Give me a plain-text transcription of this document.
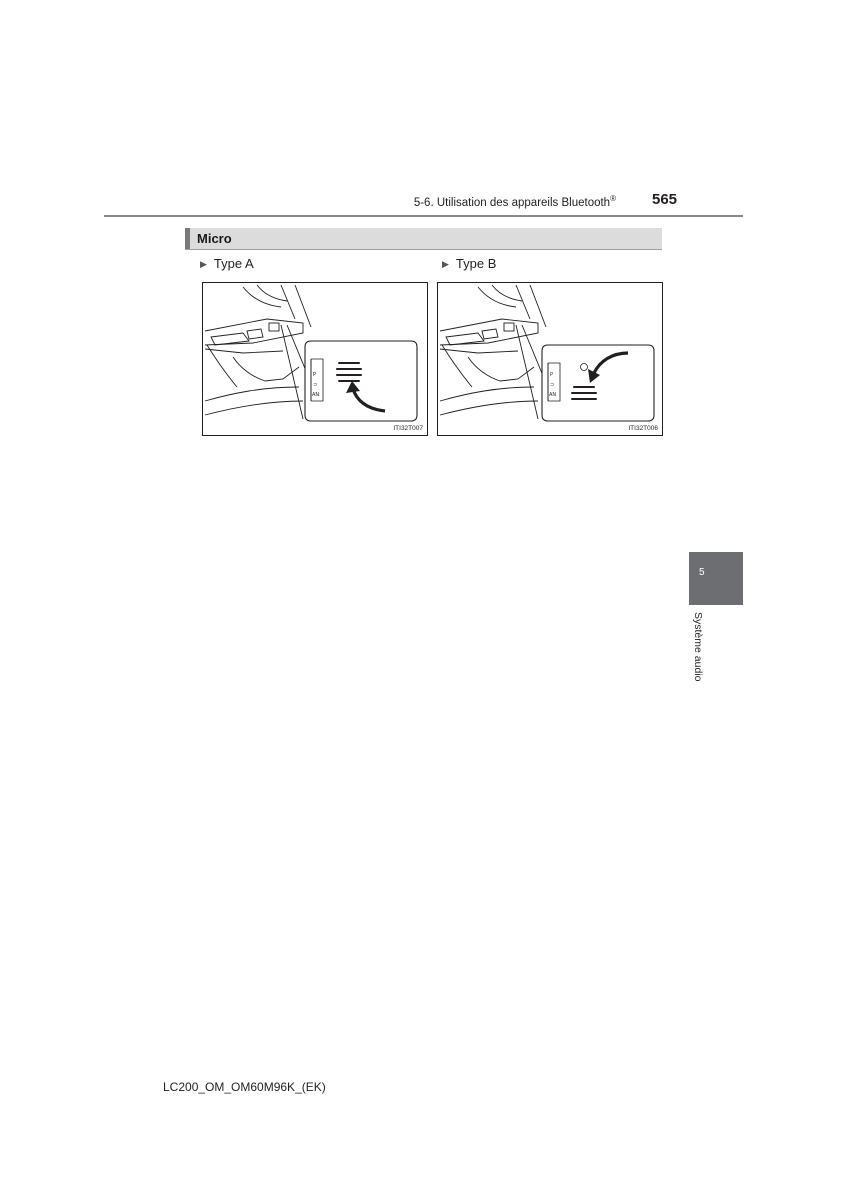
5-6. Utilisation des appareils Bluetooth® 565
Micro
▶ Type A	▶ Type B
P
⊃
AN
ITI32T007
P
⊃
AN
ITI32T006
5
Système audio
LC200_OM_OM60M96K_(EK)
